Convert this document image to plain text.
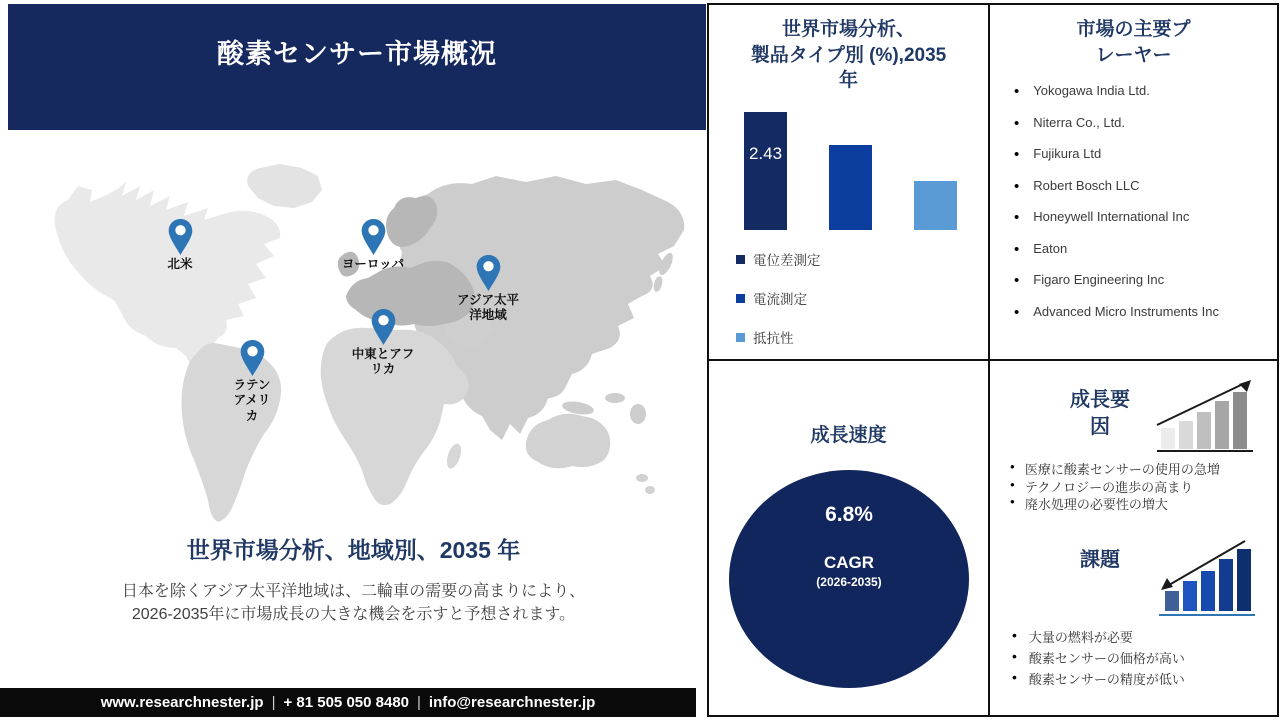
酸素センサー市場概況
北米	ヨーロッパ
アジア太平
洋地域
中東とアフ
リカ
ラテン
アメリ
カ
世界市場分析、地域別、2035 年
日本を除くアジア太平洋地域は、二輪車の需要の高まりにより、
2026-2035年に市場成長の大きな機会を示すと予想されます。
www.researchnester.jp | + 81 505 050 8480 | info@researchnester.jp
世界市場分析、
製品タイプ別 (%),2035
年
2.43
電位差測定
電流測定
抵抗性
市場の主要プ
レーヤー
• Yokogawa India Ltd.
• Niterra Co., Ltd.
• Fujikura Ltd
• Robert Bosch LLC
• Honeywell International Inc
• Eaton
• Figaro Engineering Inc
• Advanced Micro Instruments Inc
成長速度
6.8%
CAGR
(2026-2035)
成長要
因
● 医療に酸素センサーの使用の急増
● テクノロジーの進歩の高まり
● 廃水処理の必要性の増大
課題
• 大量の燃料が必要
• 酸素センサーの価格が高い
• 酸素センサーの精度が低い
